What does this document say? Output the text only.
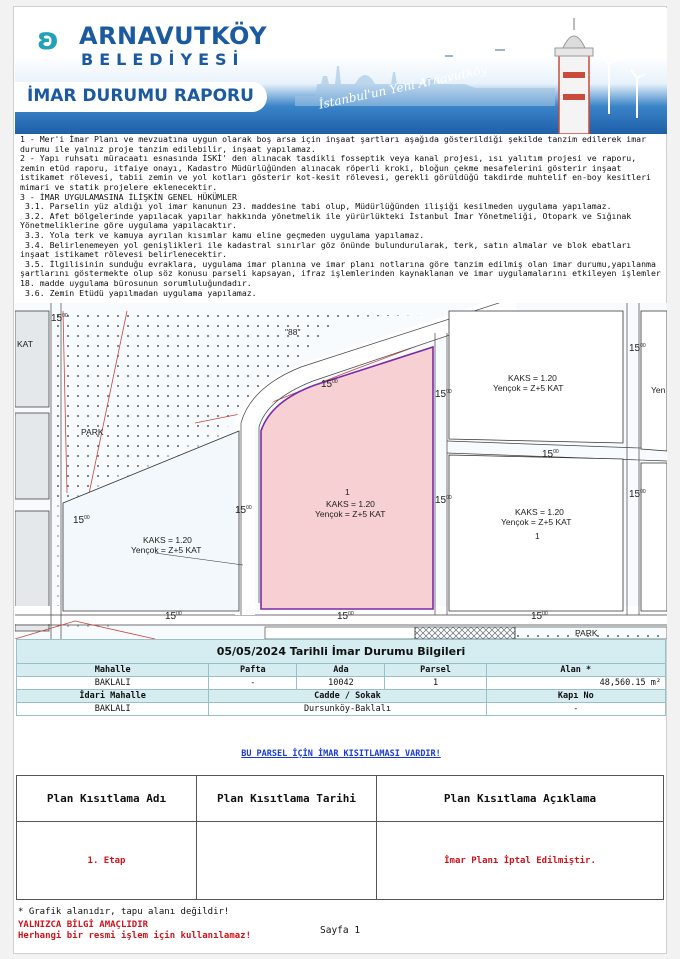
ʚ ARNAVUTKÖY
BELEDİYESİ
İMAR DURUMU RAPORU	İstanbul'un Yeni Arnavutköy
1 - Mer'i İmar Planı ve mevzuatına uygun olarak boş arsa için inşaat şartları aşağıda gösterildiği şekilde tanzim edilerek imar durumu ile yalnız proje tanzim edilebilir, inşaat yapılamaz.
2 - Yapı ruhsatı müracaatı esnasında İSKİ' den alınacak tasdikli fosseptik veya kanal projesi, ısı yalıtım projesi ve raporu, zemin etüd raporu, itfaiye onayı, Kadastro Müdürlüğünden alınacak röperli kroki, bloğun çekme mesafelerini gösterir inşaat istikamet rölevesi, tabii zemin ve yol kotları gösterir kot-kesit rölevesi, gerekli görüldüğü takdirde muhtelif en-boy kesitleri mimari ve statik projelere eklenecektir.
3 - İMAR UYGULAMASINA İLİŞKİN GENEL HÜKÜMLER
3.1. Parselin yüz aldığı yol imar kanunun 23. maddesine tabi olup, Müdürlüğünden ilişiği kesilmeden uygulama yapılamaz.
3.2. Afet bölgelerinde yapılacak yapılar hakkında yönetmelik ile yürürlükteki İstanbul İmar Yönetmeliği, Otopark ve Sığınak Yönetmeliklerine göre uygulama yapılacaktır.
3.3. Yola terk ve kamuya ayrılan kısımlar kamu eline geçmeden uygulama yapılamaz.
3.4. Belirlenemeyen yol genişlikleri ile kadastral sınırlar göz önünde bulundurularak, terk, satın almalar ve blok ebatları inşaat istikamet rölevesi belirlenecektir.
3.5. İlgilisinin sunduğu evraklara, uygulama imar planına ve imar planı notlarına göre tanzim edilmiş olan imar durumu,yapılanma şartlarını göstermekte olup söz konusu parseli kapsayan, ifraz işlemlerinden kaynaklanan ve imar uygulamalarını etkileyen işlemler 18. madde uygulama bürosunun sorumluluğundadır.
3.6. Zemin Etüdü yapılmadan uygulama yapılamaz.
$15^{00}$
$15^{00}$
$15^{00}$
$15^{00}$
$15^{00}$
$15^{00}$
$15^{00}$
$15^{00}$
$15^{00}$
$15^{00}$	$15^{00}$	$15^{00}$
KAKS = 1.20
Yençok = Z+5 KAT
KAKS = 1.20
Yençok = Z+5 KAT	KAKS = 1.20
Yençok = Z+5 KAT
KAKS = 1.20
Yençok = Z+5 KAT
KAT
Yen
"88"
1
1
PARK
PARK
05/05/2024 Tarihli İmar Durumu Bilgileri				
Mahalle	Pafta	Ada	Parsel	Alan *
BAKLALI	-	10042	1	48,560.15 m²
İdari Mahalle	Cadde / Sokak			Kapı No
BAKLALI	Dursunköy-Baklalı			-
BU PARSEL İÇİN İMAR KISITLAMASI VARDIR!
Plan Kısıtlama Adı	Plan Kısıtlama Tarihi	Plan Kısıtlama Açıklama
1. Etap		İmar Planı İptal Edilmiştir.
* Grafik alanıdır, tapu alanı değildir!
YALNIZCA BİLGİ AMAÇLIDIR
Herhangi bir resmi işlem için kullanılamaz!	Sayfa 1
